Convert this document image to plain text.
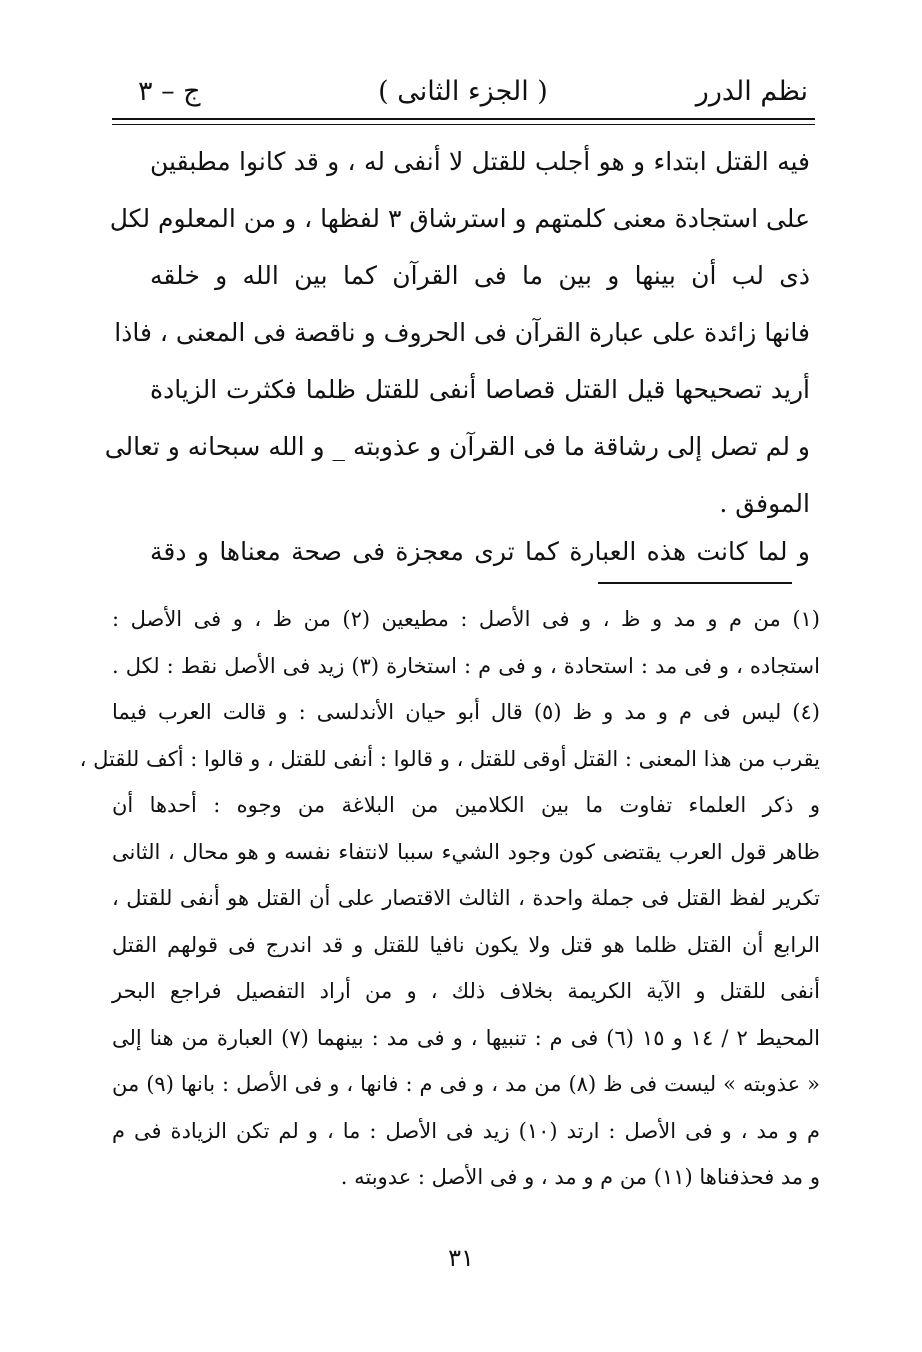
نظم الدرر
( الجزء الثانى )
ج – ٣
فيه القتل ابتداء و هو أجلب للقتل لا أنفى له ، و قد كانوا مطبقين
على استجادة معنى كلمتهم و استرشاق ٣ لفظها ، و من المعلوم لكل
ذى لب أن بينها و بين ما فى القرآن كما بين الله و خلقه
فانها زائدة على عبارة القرآن فى الحروف و ناقصة فى المعنى ، فاذا
أريد تصحيحها قيل القتل قصاصا أنفى للقتل ظلما فكثرت الزيادة
و لم تصل إلى رشاقة ما فى القرآن و عذوبته _ و الله سبحانه و تعالى
الموفق .
و لما كانت هذه العبارة كما ترى معجزة فى صحة معناها و دقة
(١) من م و مد و ظ ، و فى الأصل : مطيعين (٢) من ظ ، و فى الأصل :
استجاده ، و فى مد : استحادة ، و فى م : استخارة (٣) زيد فى الأصل نقط : لكل .
(٤) ليس فى م و مد و ظ (٥) قال أبو حيان الأندلسى : و قالت العرب فيما
يقرب من هذا المعنى : القتل أوقى للقتل ، و قالوا : أنفى للقتل ، و قالوا : أكف للقتل ،
و ذكر العلماء تفاوت ما بين الكلامين من البلاغة من وجوه : أحدها أن
ظاهر قول العرب يقتضى كون وجود الشيء سببا لانتفاء نفسه و هو محال ، الثانى
تكرير لفظ القتل فى جملة واحدة ، الثالث الاقتصار على أن القتل هو أنفى للقتل ،
الرابع أن القتل ظلما هو قتل ولا يكون نافيا للقتل و قد اندرج فى قولهم القتل
أنفى للقتل و الآية الكريمة بخلاف ذلك ، و من أراد التفصيل فراجع البحر
المحيط ٢ / ١٤ و ١٥ (٦) فى م : تنبيها ، و فى مد : بينهما (٧) العبارة من هنا إلى
« عذوبته » ليست فى ظ (٨) من مد ، و فى م : فانها ، و فى الأصل : بانها (٩) من
م و مد ، و فى الأصل : ارتد (١٠) زيد فى الأصل : ما ، و لم تكن الزيادة فى م
و مد فحذفناها (١١) من م و مد ، و فى الأصل : عدوبته .
٣١
